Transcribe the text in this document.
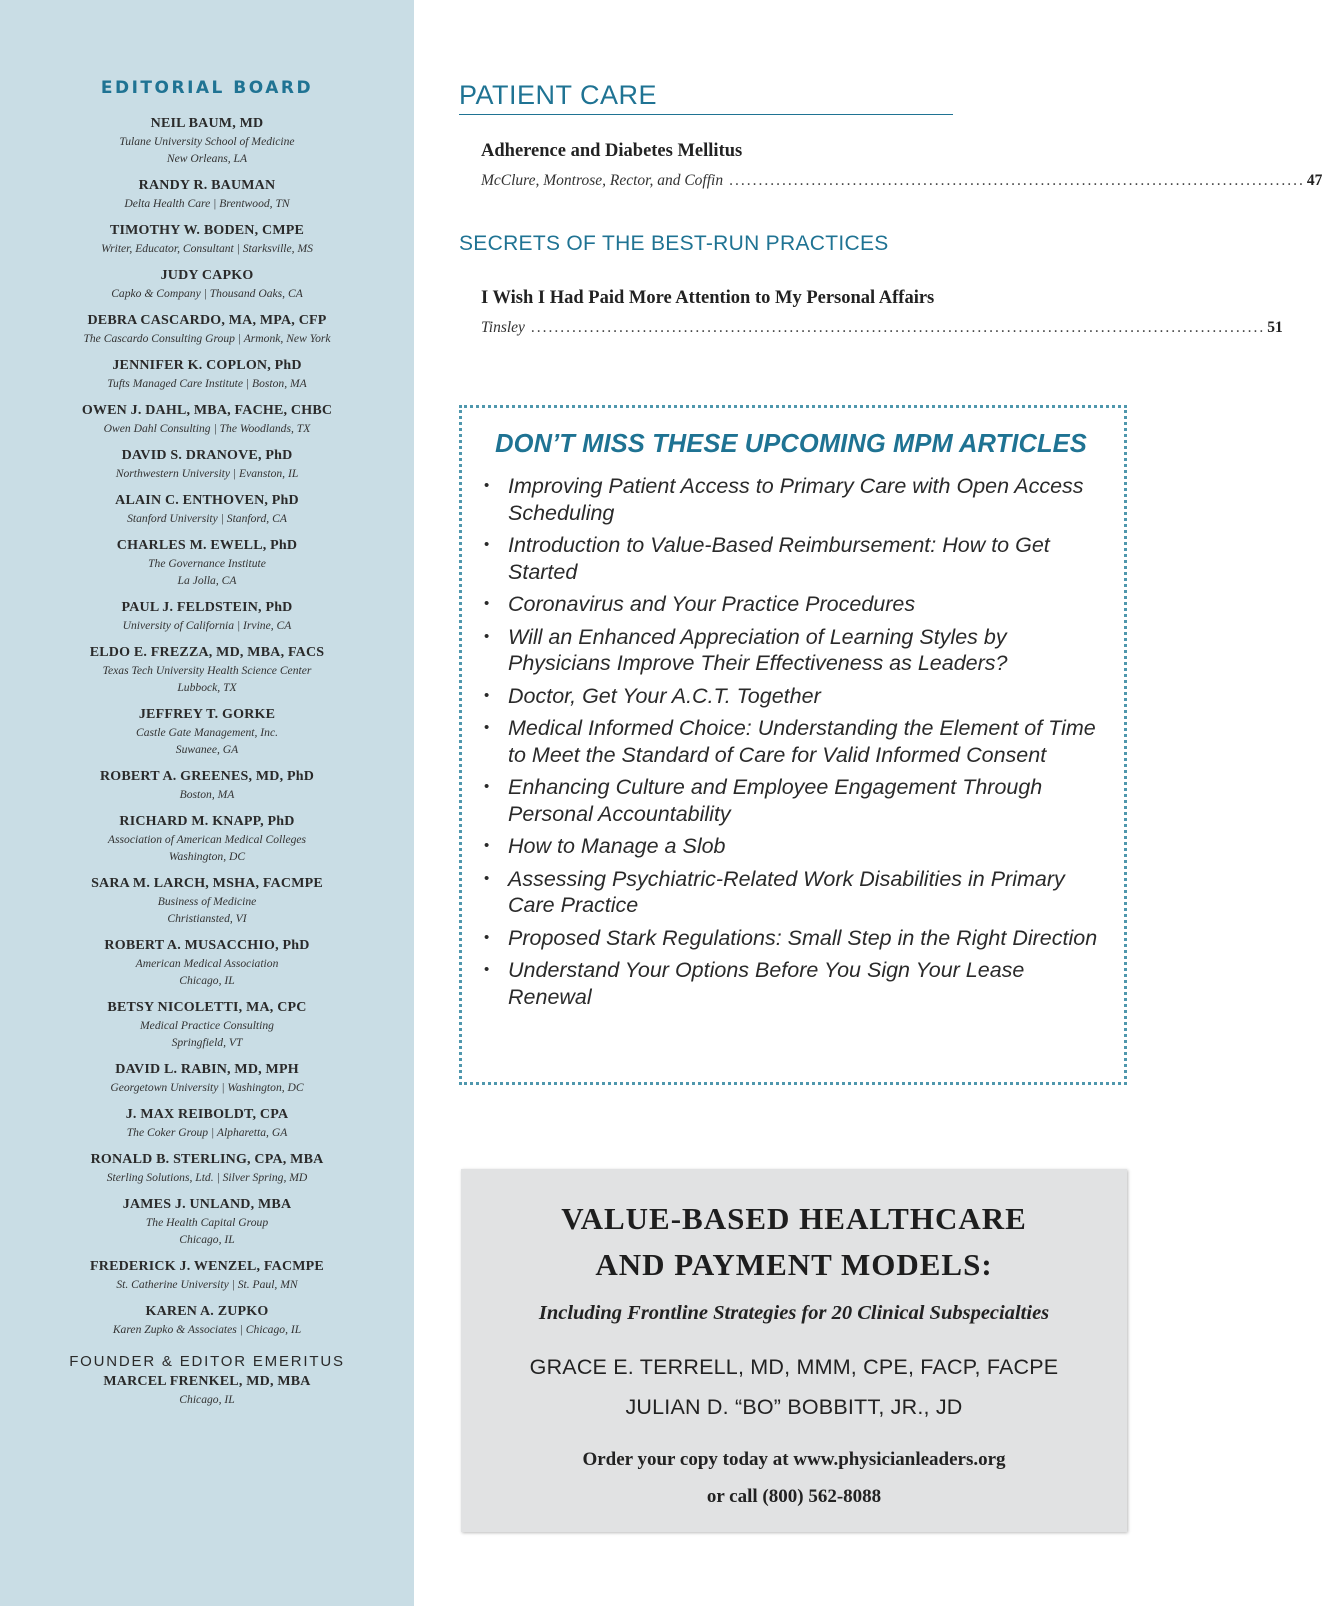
EDITORIAL BOARD
NEIL BAUM, MD
Tulane University School of Medicine
New Orleans, LA
RANDY R. BAUMAN
Delta Health Care | Brentwood, TN
TIMOTHY W. BODEN, CMPE
Writer, Educator, Consultant | Starksville, MS
JUDY CAPKO
Capko & Company | Thousand Oaks, CA
DEBRA CASCARDO, MA, MPA, CFP
The Cascardo Consulting Group | Armonk, New York
JENNIFER K. COPLON, PhD
Tufts Managed Care Institute | Boston, MA
OWEN J. DAHL, MBA, FACHE, CHBC
Owen Dahl Consulting | The Woodlands, TX
DAVID S. DRANOVE, PhD
Northwestern University | Evanston, IL
ALAIN C. ENTHOVEN, PhD
Stanford University | Stanford, CA
CHARLES M. EWELL, PhD
The Governance Institute
La Jolla, CA
PAUL J. FELDSTEIN, PhD
University of California | Irvine, CA
ELDO E. FREZZA, MD, MBA, FACS
Texas Tech University Health Science Center
Lubbock, TX
JEFFREY T. GORKE
Castle Gate Management, Inc.
Suwanee, GA
ROBERT A. GREENES, MD, PhD
Boston, MA
RICHARD M. KNAPP, PhD
Association of American Medical Colleges
Washington, DC
SARA M. LARCH, MSHA, FACMPE
Business of Medicine
Christiansted, VI
ROBERT A. MUSACCHIO, PhD
American Medical Association
Chicago, IL
BETSY NICOLETTI, MA, CPC
Medical Practice Consulting
Springfield, VT
DAVID L. RABIN, MD, MPH
Georgetown University | Washington, DC
J. MAX REIBOLDT, CPA
The Coker Group | Alpharetta, GA
RONALD B. STERLING, CPA, MBA
Sterling Solutions, Ltd. | Silver Spring, MD
JAMES J. UNLAND, MBA
The Health Capital Group
Chicago, IL
FREDERICK J. WENZEL, FACMPE
St. Catherine University | St. Paul, MN
KAREN A. ZUPKO
Karen Zupko & Associates | Chicago, IL
FOUNDER & EDITOR EMERITUS
MARCEL FRENKEL, MD, MBA
Chicago, IL
PATIENT CARE
Adherence and Diabetes Mellitus
McClure, Montrose, Rector, and Coffin .................................................................................................. 47
SECRETS OF THE BEST-RUN PRACTICES
I Wish I Had Paid More Attention to My Personal Affairs
Tinsley ............................................................................................................................. 51
DON’T MISS THESE UPCOMING MPM ARTICLES
• Improving Patient Access to Primary Care with Open Access Scheduling
• Introduction to Value-Based Reimbursement: How to Get Started
• Coronavirus and Your Practice Procedures
• Will an Enhanced Appreciation of Learning Styles by Physicians Improve Their Effectiveness as Leaders?
• Doctor, Get Your A.C.T. Together
• Medical Informed Choice: Understanding the Element of Time to Meet the Standard of Care for Valid Informed Consent
• Enhancing Culture and Employee Engagement Through Personal Accountability
• How to Manage a Slob
• Assessing Psychiatric-Related Work Disabilities in Primary Care Practice
• Proposed Stark Regulations: Small Step in the Right Direction
• Understand Your Options Before You Sign Your Lease Renewal
VALUE-BASED HEALTHCARE
AND PAYMENT MODELS:
Including Frontline Strategies for 20 Clinical Subspecialties
GRACE E. TERRELL, MD, MMM, CPE, FACP, FACPE
JULIAN D. “BO” BOBBITT, JR., JD
Order your copy today at www.physicianleaders.org
or call (800) 562-8088
